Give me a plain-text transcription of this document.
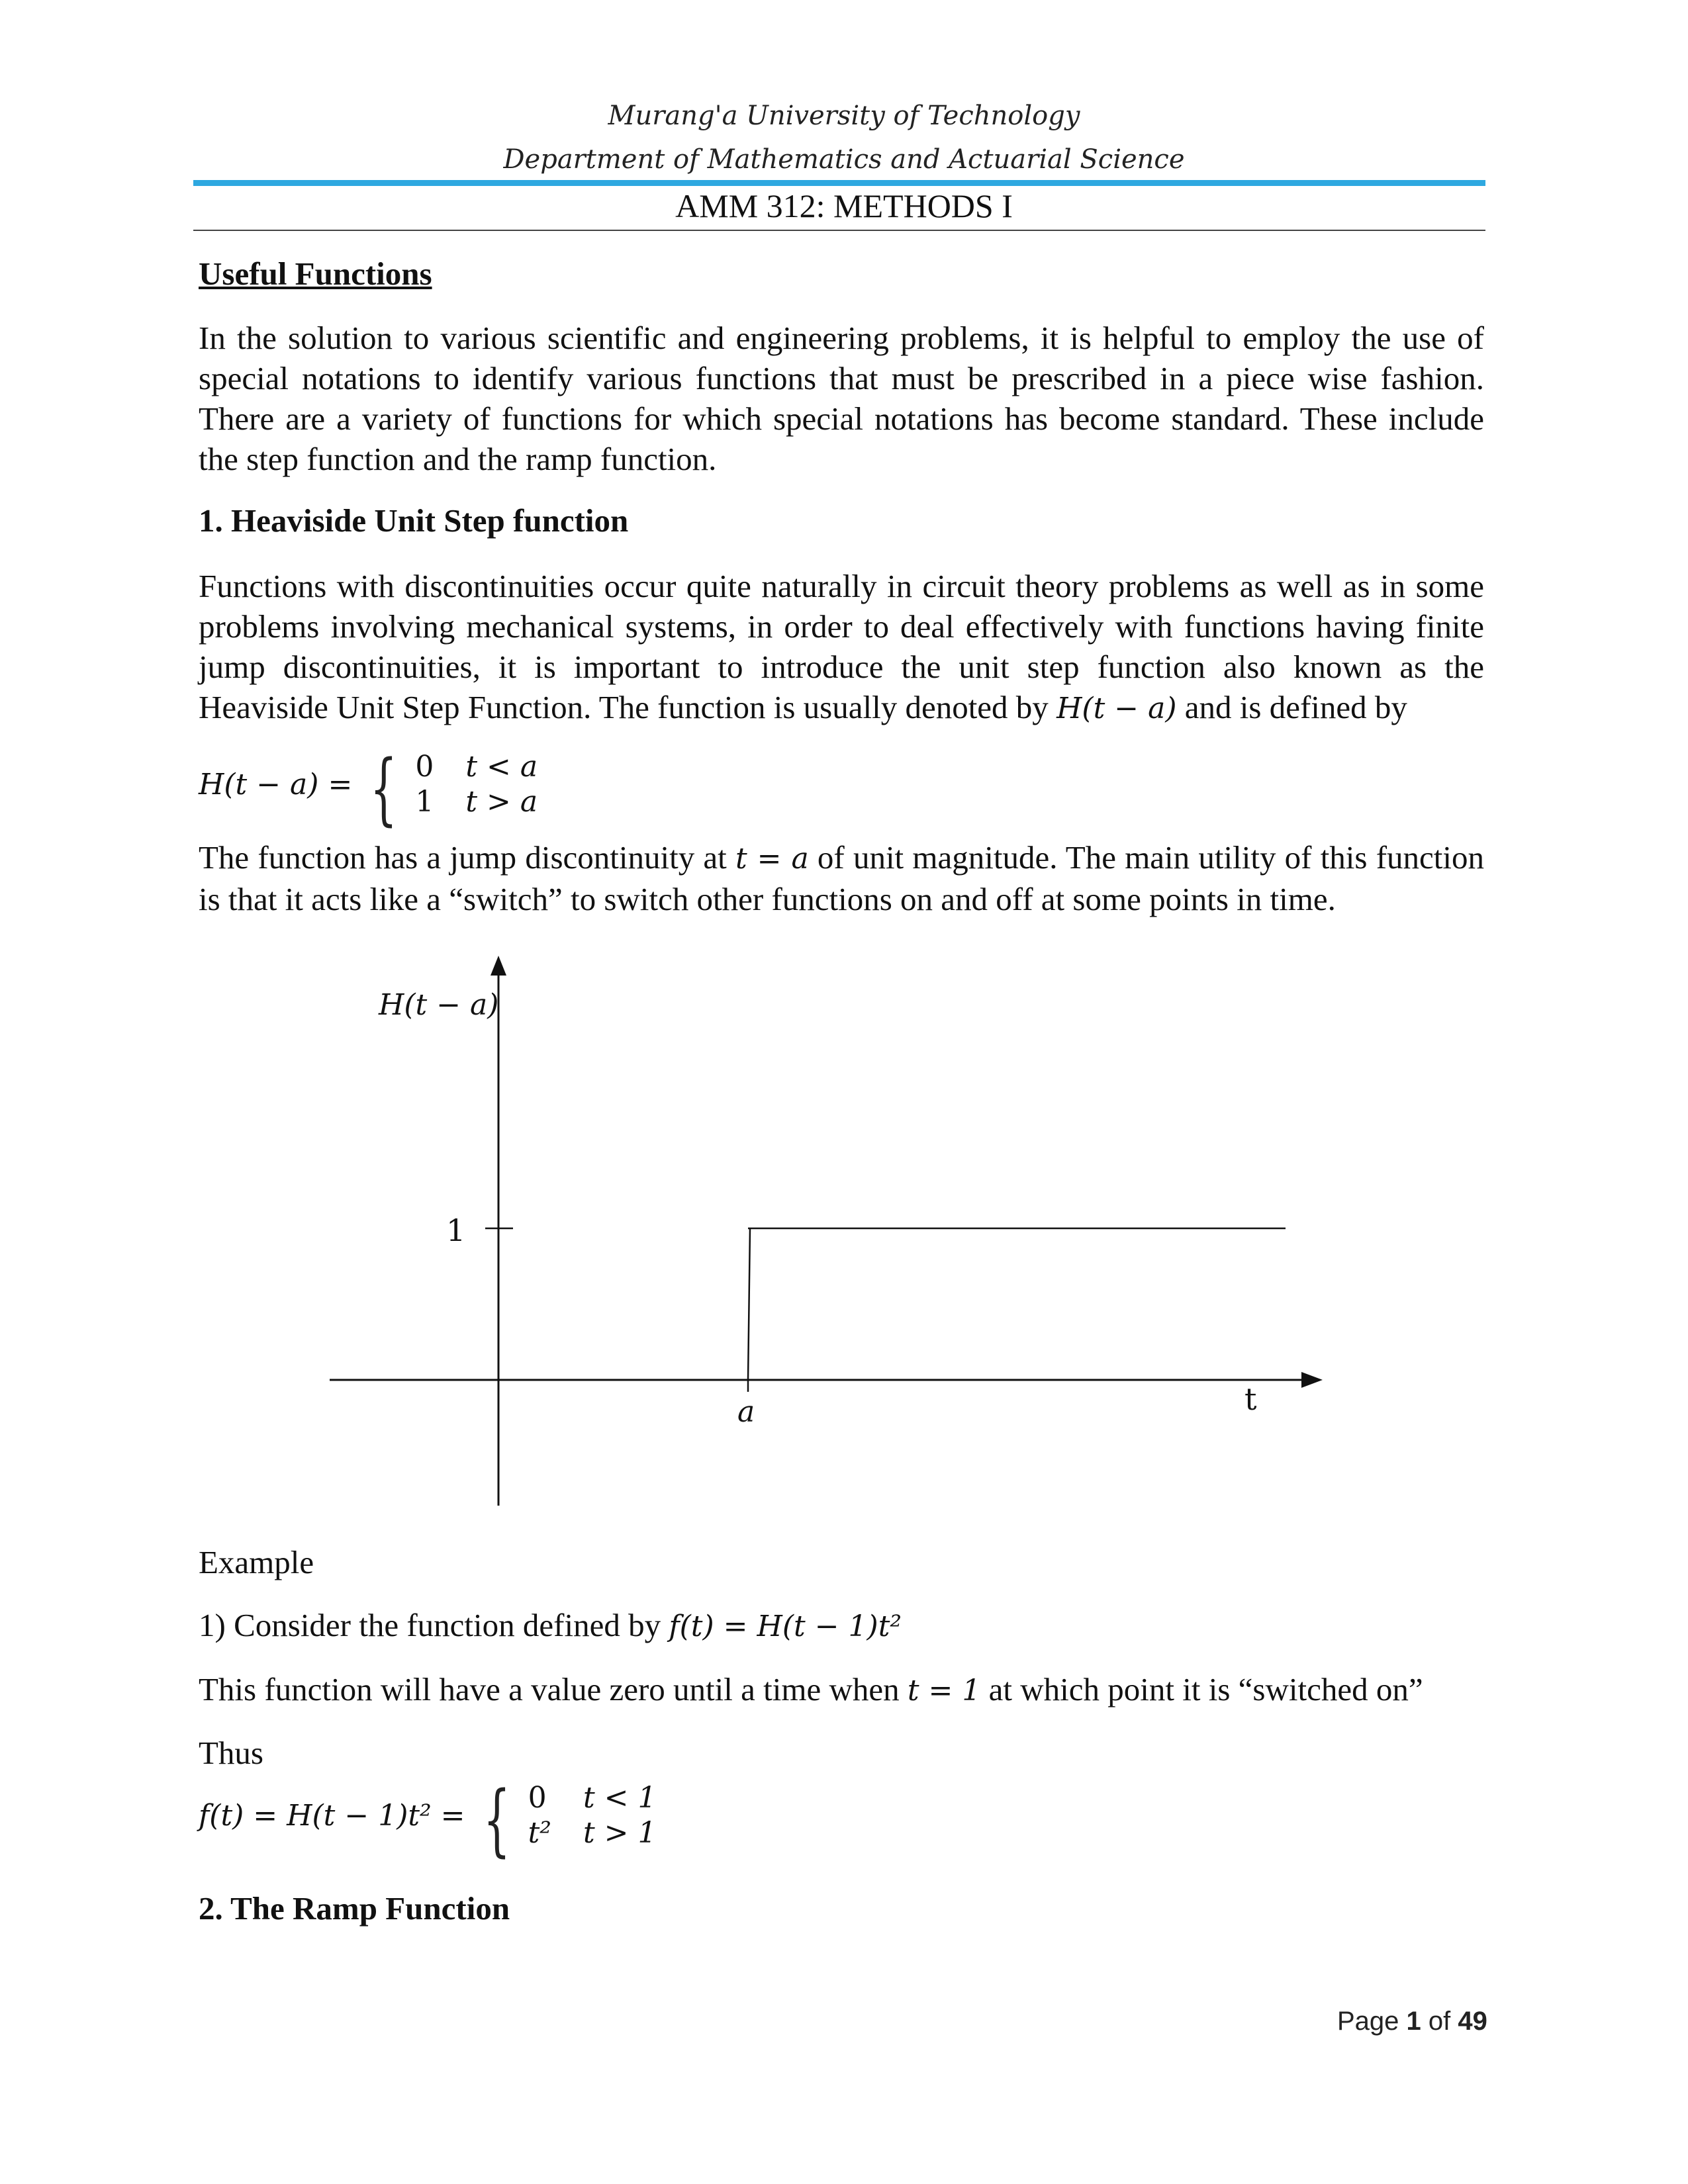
Murang'a University of Technology
Department of Mathematics and Actuarial Science
AMM 312: METHODS I
Useful Functions
In the solution to various scientific and engineering problems, it is helpful to employ the use of special notations to identify various functions that must be prescribed in a piece wise fashion. There are a variety of functions for which special notations has become standard. These include the step function and the ramp function.
1. Heaviside Unit Step function
Functions with discontinuities occur quite naturally in circuit theory problems as well as in some problems involving mechanical systems, in order to deal effectively with functions having finite jump discontinuities, it is important to introduce the unit step function also known as the Heaviside Unit Step Function. The function is usually denoted by H(t − a) and is defined by
H(t − a) = { 0 t < a
1 t > a
The function has a jump discontinuity at t = a of unit magnitude. The main utility of this function is that it acts like a “switch” to switch other functions on and off at some points in time.
H(t − a)
1
t
a
Example
1) Consider the function defined by f(t) = H(t − 1)t²
This function will have a value zero until a time when t = 1 at which point it is “switched on”
Thus
f(t) = H(t − 1)t² = { 0 t < 1
t² t > 1
2. The Ramp Function
Page 1 of 49
